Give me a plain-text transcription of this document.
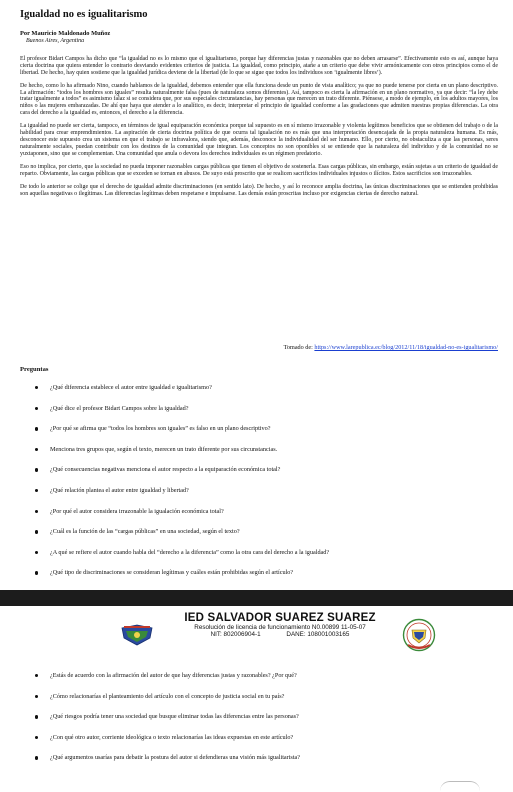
Igualdad no es igualitarismo
Por Mauricio Maldonado Muñoz
Buenos Aires, Argentina

El profesor Bidart Campos ha dicho que “la igualdad no es lo mismo que el igualitarismo, porque hay diferencias justas y razonables que no deben arrasarse”. Efectivamente esto es así, aunque haya cierta doctrina que quiera entender lo contrario desviando evidentes criterios de justicia. La igualdad, como principio, atañe a un criterio que debe vivir armónicamente con otros principios como el de libertad. De hecho, hay quien sostiene que la igualdad jurídica deviene de la libertad (de lo que se sigue que todos los individuos son ‘igualmente libres’).

De hecho, como lo ha afirmado Nino, cuando hablamos de la igualdad, debemos entender que ella funciona desde un punto de vista analítico; ya que no puede tenerse por cierta en un plano descriptivo. La afirmación: “todos los hombres son iguales” resulta naturalmente falsa (pues de naturaleza somos diferentes). Así, tampoco es cierta la afirmación en un plano normativo, ya que decir: “la ley debe tratar igualmente a todos” es asimismo falaz si se considera que, por sus especiales circunstancias, hay personas que merecen un trato diferente. Piénsese, a modo de ejemplo, en los adultos mayores, los niños o las mujeres embarazadas. De ahí que haya que atender a lo analítico, es decir, interpretar el principio de igualdad conforme a las gradaciones que admiten nuestras propias diferencias. La otra cara del derecho a la igualdad es, entonces, el derecho a la diferencia.

La igualdad no puede ser cierta, tampoco, en términos de igual equiparación económica porque tal supuesto es en sí mismo irrazonable y violenta legítimos beneficios que se obtienen del trabajo o de la habilidad para crear emprendimientos. La aspiración de cierta doctrina política de que ocurra tal igualación no es más que una interpretación desencajada de la propia naturaleza humana. Es más, desconocer este supuesto crea un sistema en que el trabajo se infravalora, siendo que, además, desconoce la individualidad del ser humano. Ello, por cierto, no obstaculiza a que las personas, seres naturalmente sociales, puedan contribuir con los destinos de la comunidad que integran. Los conceptos no son oponibles si se entiende que la naturaleza del individuo y de la comunidad no se yuxtaponen, sino que se complementan. Una comunidad que anula o devora los derechos individuales es un régimen predatorio.

Eso no implica, por cierto, que la sociedad no pueda imponer razonables cargas públicas que tienen el objetivo de sostenerla. Esas cargas públicas, sin embargo, están sujetas a un criterio de igualdad de reparto. Obviamente, las cargas públicas que se exceden se tornan en abusos. De suyo está proscrito que se realicen sacrificios individuales injustos o ilícitos. Estos sacrificios son irrazonables.

De todo lo anterior se colige que el derecho de igualdad admite discriminaciones (en sentido lato). De hecho, y así lo reconoce amplia doctrina, las únicas discriminaciones que se entienden prohibidas son aquellas negativas o ilegítimas. Las diferencias legítimas deben respetarse e impulsarse. Las demás están proscritas incluso por exigencias ciertas de derecho natural.

Tomado de: https://www.larepublica.ec/blog/2012/11/18/igualdad-no-es-igualitarismo/
Preguntas
¿Qué diferencia establece el autor entre igualdad e igualitarismo?
¿Qué dice el profesor Bidart Campos sobre la igualdad?
¿Por qué se afirma que “todos los hombres son iguales” es falso en un plano descriptivo?
Menciona tres grupos que, según el texto, merecen un trato diferente por sus circunstancias.
¿Qué consecuencias negativas menciona el autor respecto a la equiparación económica total?
¿Qué relación plantea el autor entre igualdad y libertad?
¿Por qué el autor considera irrazonable la igualación económica total?
¿Cuál es la función de las “cargas públicas” en una sociedad, según el texto?
¿A qué se refiere el autor cuando habla del “derecho a la diferencia” como la otra cara del derecho a la igualdad?
¿Qué tipo de discriminaciones se consideran legítimas y cuáles están prohibidas según el artículo?
IED SALVADOR SUAREZ SUAREZ
Resolución de licencia de funcionamiento N0.00899 11-05-07
NIT: 802006904-1	DANE: 108001003165
¿Estás de acuerdo con la afirmación del autor de que hay diferencias justas y razonables? ¿Por qué?
¿Cómo relacionarías el planteamiento del artículo con el concepto de justicia social en tu país?
¿Qué riesgos podría tener una sociedad que busque eliminar todas las diferencias entre las personas?
¿Con qué otro autor, corriente ideológica o texto relacionarías las ideas expuestas en este artículo?
¿Qué argumentos usarías para debatir la postura del autor si defendieras una visión más igualitarista?
